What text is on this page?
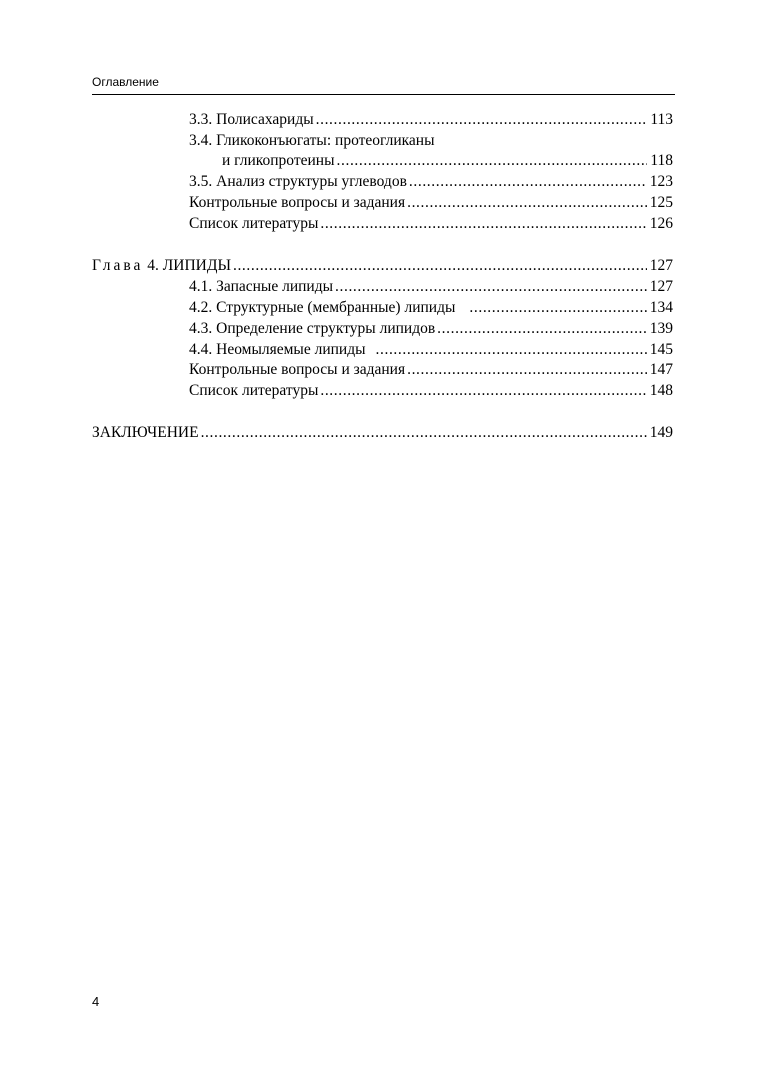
Оглавление
3.3. Полисахариды .....	113
3.4. Гликоконъюгаты: протеогликаны
и гликопротеины .....	118
3.5. Анализ структуры углеводов .....	123
Контрольные вопросы и задания .....	125
Список литературы .....	126
Глава 4. ЛИПИДЫ .....	127
4.1. Запасные липиды .....	127
4.2. Структурные (мембранные) липиды .....	134
4.3. Определение структуры липидов .....	139
4.4. Неомыляемые липиды .....	145
Контрольные вопросы и задания .....	147
Список литературы .....	148
ЗАКЛЮЧЕНИЕ .....	149
4
